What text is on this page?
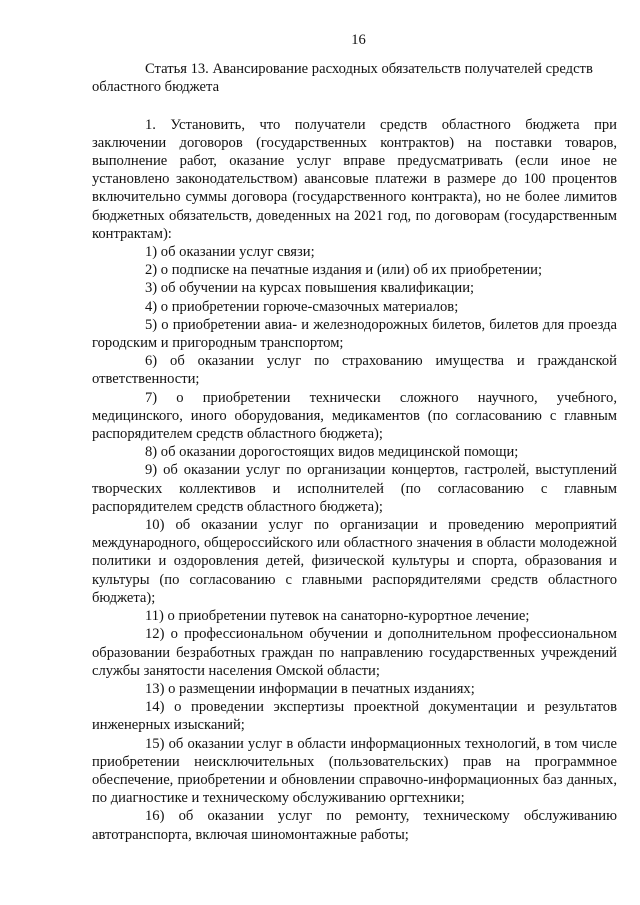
16
Статья 13. Авансирование расходных обязательств получателей средств областного бюджета

1. Установить, что получатели средств областного бюджета при заключении договоров (государственных контрактов) на поставки товаров, выполнение работ, оказание услуг вправе предусматривать (если иное не установлено законодательством) авансовые платежи в размере до 100 процентов включительно суммы договора (государственного контракта), но не более лимитов бюджетных обязательств, доведенных на 2021 год, по договорам (государственным контрактам):

1) об оказании услуг связи;
2) о подписке на печатные издания и (или) об их приобретении;
3) об обучении на курсах повышения квалификации;
4) о приобретении горюче-смазочных материалов;
5) о приобретении авиа- и железнодорожных билетов, билетов для проезда городским и пригородным транспортом;
6) об оказании услуг по страхованию имущества и гражданской ответственности;
7) о приобретении технически сложного научного, учебного, медицинского, иного оборудования, медикаментов (по согласованию с главным распорядителем средств областного бюджета);
8) об оказании дорогостоящих видов медицинской помощи;
9) об оказании услуг по организации концертов, гастролей, выступлений творческих коллективов и исполнителей (по согласованию с главным распорядителем средств областного бюджета);
10) об оказании услуг по организации и проведению мероприятий международного, общероссийского или областного значения в области молодежной политики и оздоровления детей, физической культуры и спорта, образования и культуры (по согласованию с главными распорядителями средств областного бюджета);
11) о приобретении путевок на санаторно-курортное лечение;
12) о профессиональном обучении и дополнительном профессиональном образовании безработных граждан по направлению государственных учреждений службы занятости населения Омской области;
13) о размещении информации в печатных изданиях;
14) о проведении экспертизы проектной документации и результатов инженерных изысканий;
15) об оказании услуг в области информационных технологий, в том числе приобретении неисключительных (пользовательских) прав на программное обеспечение, приобретении и обновлении справочно-информационных баз данных, по диагностике и техническому обслуживанию оргтехники;
16) об оказании услуг по ремонту, техническому обслуживанию автотранспорта, включая шиномонтажные работы;
